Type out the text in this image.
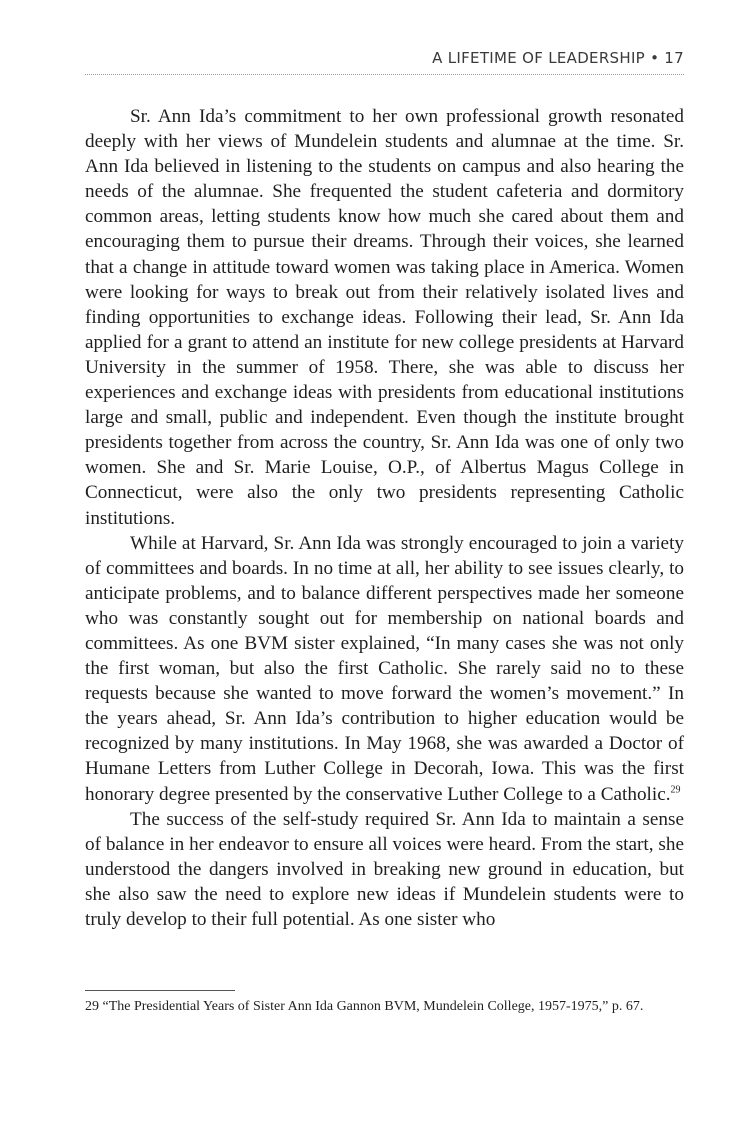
A LIFETIME OF LEADERSHIP • 17

Sr. Ann Ida’s commitment to her own professional growth resonated deeply with her views of Mundelein students and alumnae at the time. Sr. Ann Ida believed in listening to the students on campus and also hearing the needs of the alumnae. She frequented the student cafeteria and dormitory common areas, letting students know how much she cared about them and encouraging them to pursue their dreams. Through their voices, she learned that a change in attitude toward women was taking place in America. Women were looking for ways to break out from their relatively isolated lives and finding opportunities to exchange ideas. Following their lead, Sr. Ann Ida applied for a grant to attend an institute for new college presidents at Harvard University in the summer of 1958. There, she was able to discuss her experiences and exchange ideas with presidents from educational institutions large and small, public and independent. Even though the institute brought presidents together from across the country, Sr. Ann Ida was one of only two women. She and Sr. Marie Louise, O.P., of Albertus Magus College in Connecticut, were also the only two presidents representing Catholic institutions.

While at Harvard, Sr. Ann Ida was strongly encouraged to join a variety of committees and boards. In no time at all, her ability to see issues clearly, to anticipate problems, and to balance different perspectives made her someone who was constantly sought out for membership on national boards and committees. As one BVM sister explained, “In many cases she was not only the first woman, but also the first Catholic. She rarely said no to these requests because she wanted to move forward the women’s movement.” In the years ahead, Sr. Ann Ida’s contribution to higher education would be recognized by many institutions. In May 1968, she was awarded a Doctor of Humane Letters from Luther College in Decorah, Iowa. This was the first honorary degree presented by the conservative Luther College to a Catholic.$^{29}$

The success of the self-study required Sr. Ann Ida to maintain a sense of balance in her endeavor to ensure all voices were heard. From the start, she understood the dangers involved in breaking new ground in education, but she also saw the need to explore new ideas if Mundelein students were to truly develop to their full potential. As one sister who

29 “The Presidential Years of Sister Ann Ida Gannon BVM, Mundelein College, 1957-1975,” p. 67.
